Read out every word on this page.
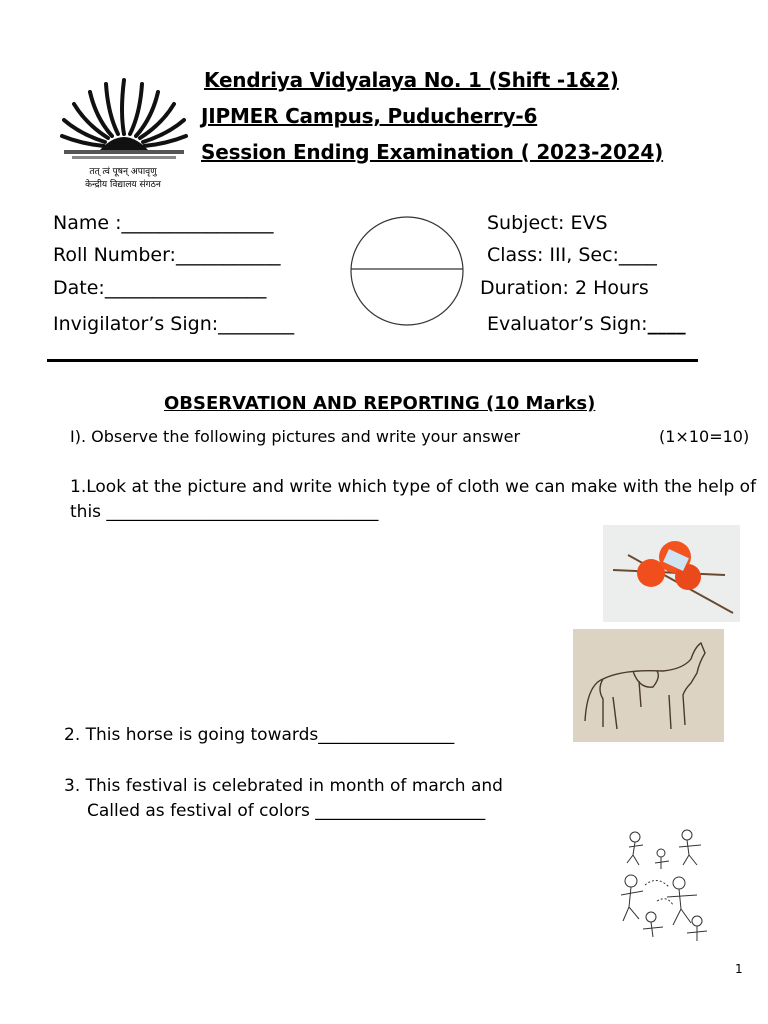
तत् त्वं पूषन् अपावृणु
केन्द्रीय विद्यालय संगठन
Kendriya Vidyalaya No. 1 (Shift -1&2)
JIPMER Campus, Puducherry-6
Session Ending Examination ( 2023-2024)
Name :________________
Roll Number:___________
Date:_________________
Invigilator’s Sign:________
Subject: EVS
Class: III, Sec:____
Duration: 2 Hours
Evaluator’s Sign:____
OBSERVATION AND REPORTING (10 Marks)
I). Observe the following pictures and write your answer	(1×10=10)
1.Look at the picture and write which type of cloth we can make with the help of
this ________________________________
2. This horse is going towards________________
3. This festival is celebrated in month of march and
Called as festival of colors ____________________
1
